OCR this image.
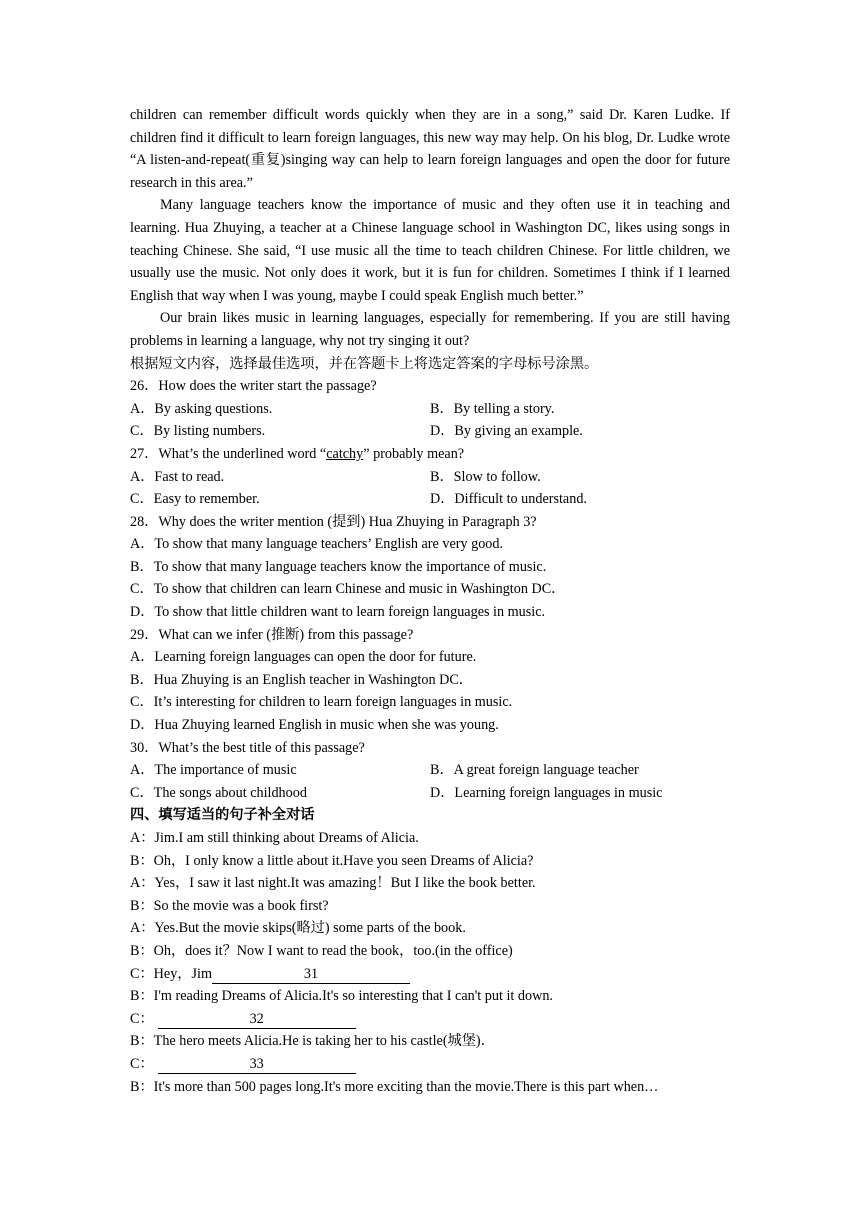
children can remember difficult words quickly when they are in a song,” said Dr. Karen Ludke. If children find it difficult to learn foreign languages, this new way may help. On his blog, Dr. Ludke wrote “A listen-and-repeat(重复)singing way can help to learn foreign languages and open the door for future research in this area.”

Many language teachers know the importance of music and they often use it in teaching and learning. Hua Zhuying, a teacher at a Chinese language school in Washington DC, likes using songs in teaching Chinese. She said, “I use music all the time to teach children Chinese. For little children, we usually use the music. Not only does it work, but it is fun for children. Sometimes I think if I learned English that way when I was young, maybe I could speak English much better.”

Our brain likes music in learning languages, especially for remembering. If you are still having problems in learning a language, why not try singing it out?

根据短文内容，选择最佳选项，并在答题卡上将选定答案的字母标号涂黑。

26．How does the writer start the passage?

A．By asking questions.	B．By telling a story.
C．By listing numbers.	D．By giving an example.

27．What’s the underlined word “catchy” probably mean?

A．Fast to read.	B．Slow to follow.
C．Easy to remember.	D．Difficult to understand.

28．Why does the writer mention (提到) Hua Zhuying in Paragraph 3?

A．To show that many language teachers’ English are very good.

B．To show that many language teachers know the importance of music.

C．To show that children can learn Chinese and music in Washington DC．

D．To show that little children want to learn foreign languages in music.

29．What can we infer (推断) from this passage?

A．Learning foreign languages can open the door for future.

B．Hua Zhuying is an English teacher in Washington DC．

C．It’s interesting for children to learn foreign languages in music.

D．Hua Zhuying learned English in music when she was young.

30．What’s the best title of this passage?

A．The importance of music	B．A great foreign language teacher
C．The songs about childhood	D．Learning foreign languages in music

四、填写适当的句子补全对话

A：Jim.I am still thinking about Dreams of Alicia.

B：Oh，I only know a little about it.Have you seen Dreams of Alicia?

A：Yes，I saw it last night.It was amazing！But I like the book better.

B：So the movie was a book first?

A：Yes.But the movie skips(略过) some parts of the book.

B：Oh，does it？Now I want to read the book，too.(in the office)

C：Hey，Jim	31

B：I'm reading Dreams of Alicia.It's so interesting that I can't put it down.

C：	32

B：The hero meets Alicia.He is taking her to his castle(城堡)．

C：	33

B：It's more than 500 pages long.It's more exciting than the movie.There is this part when…
